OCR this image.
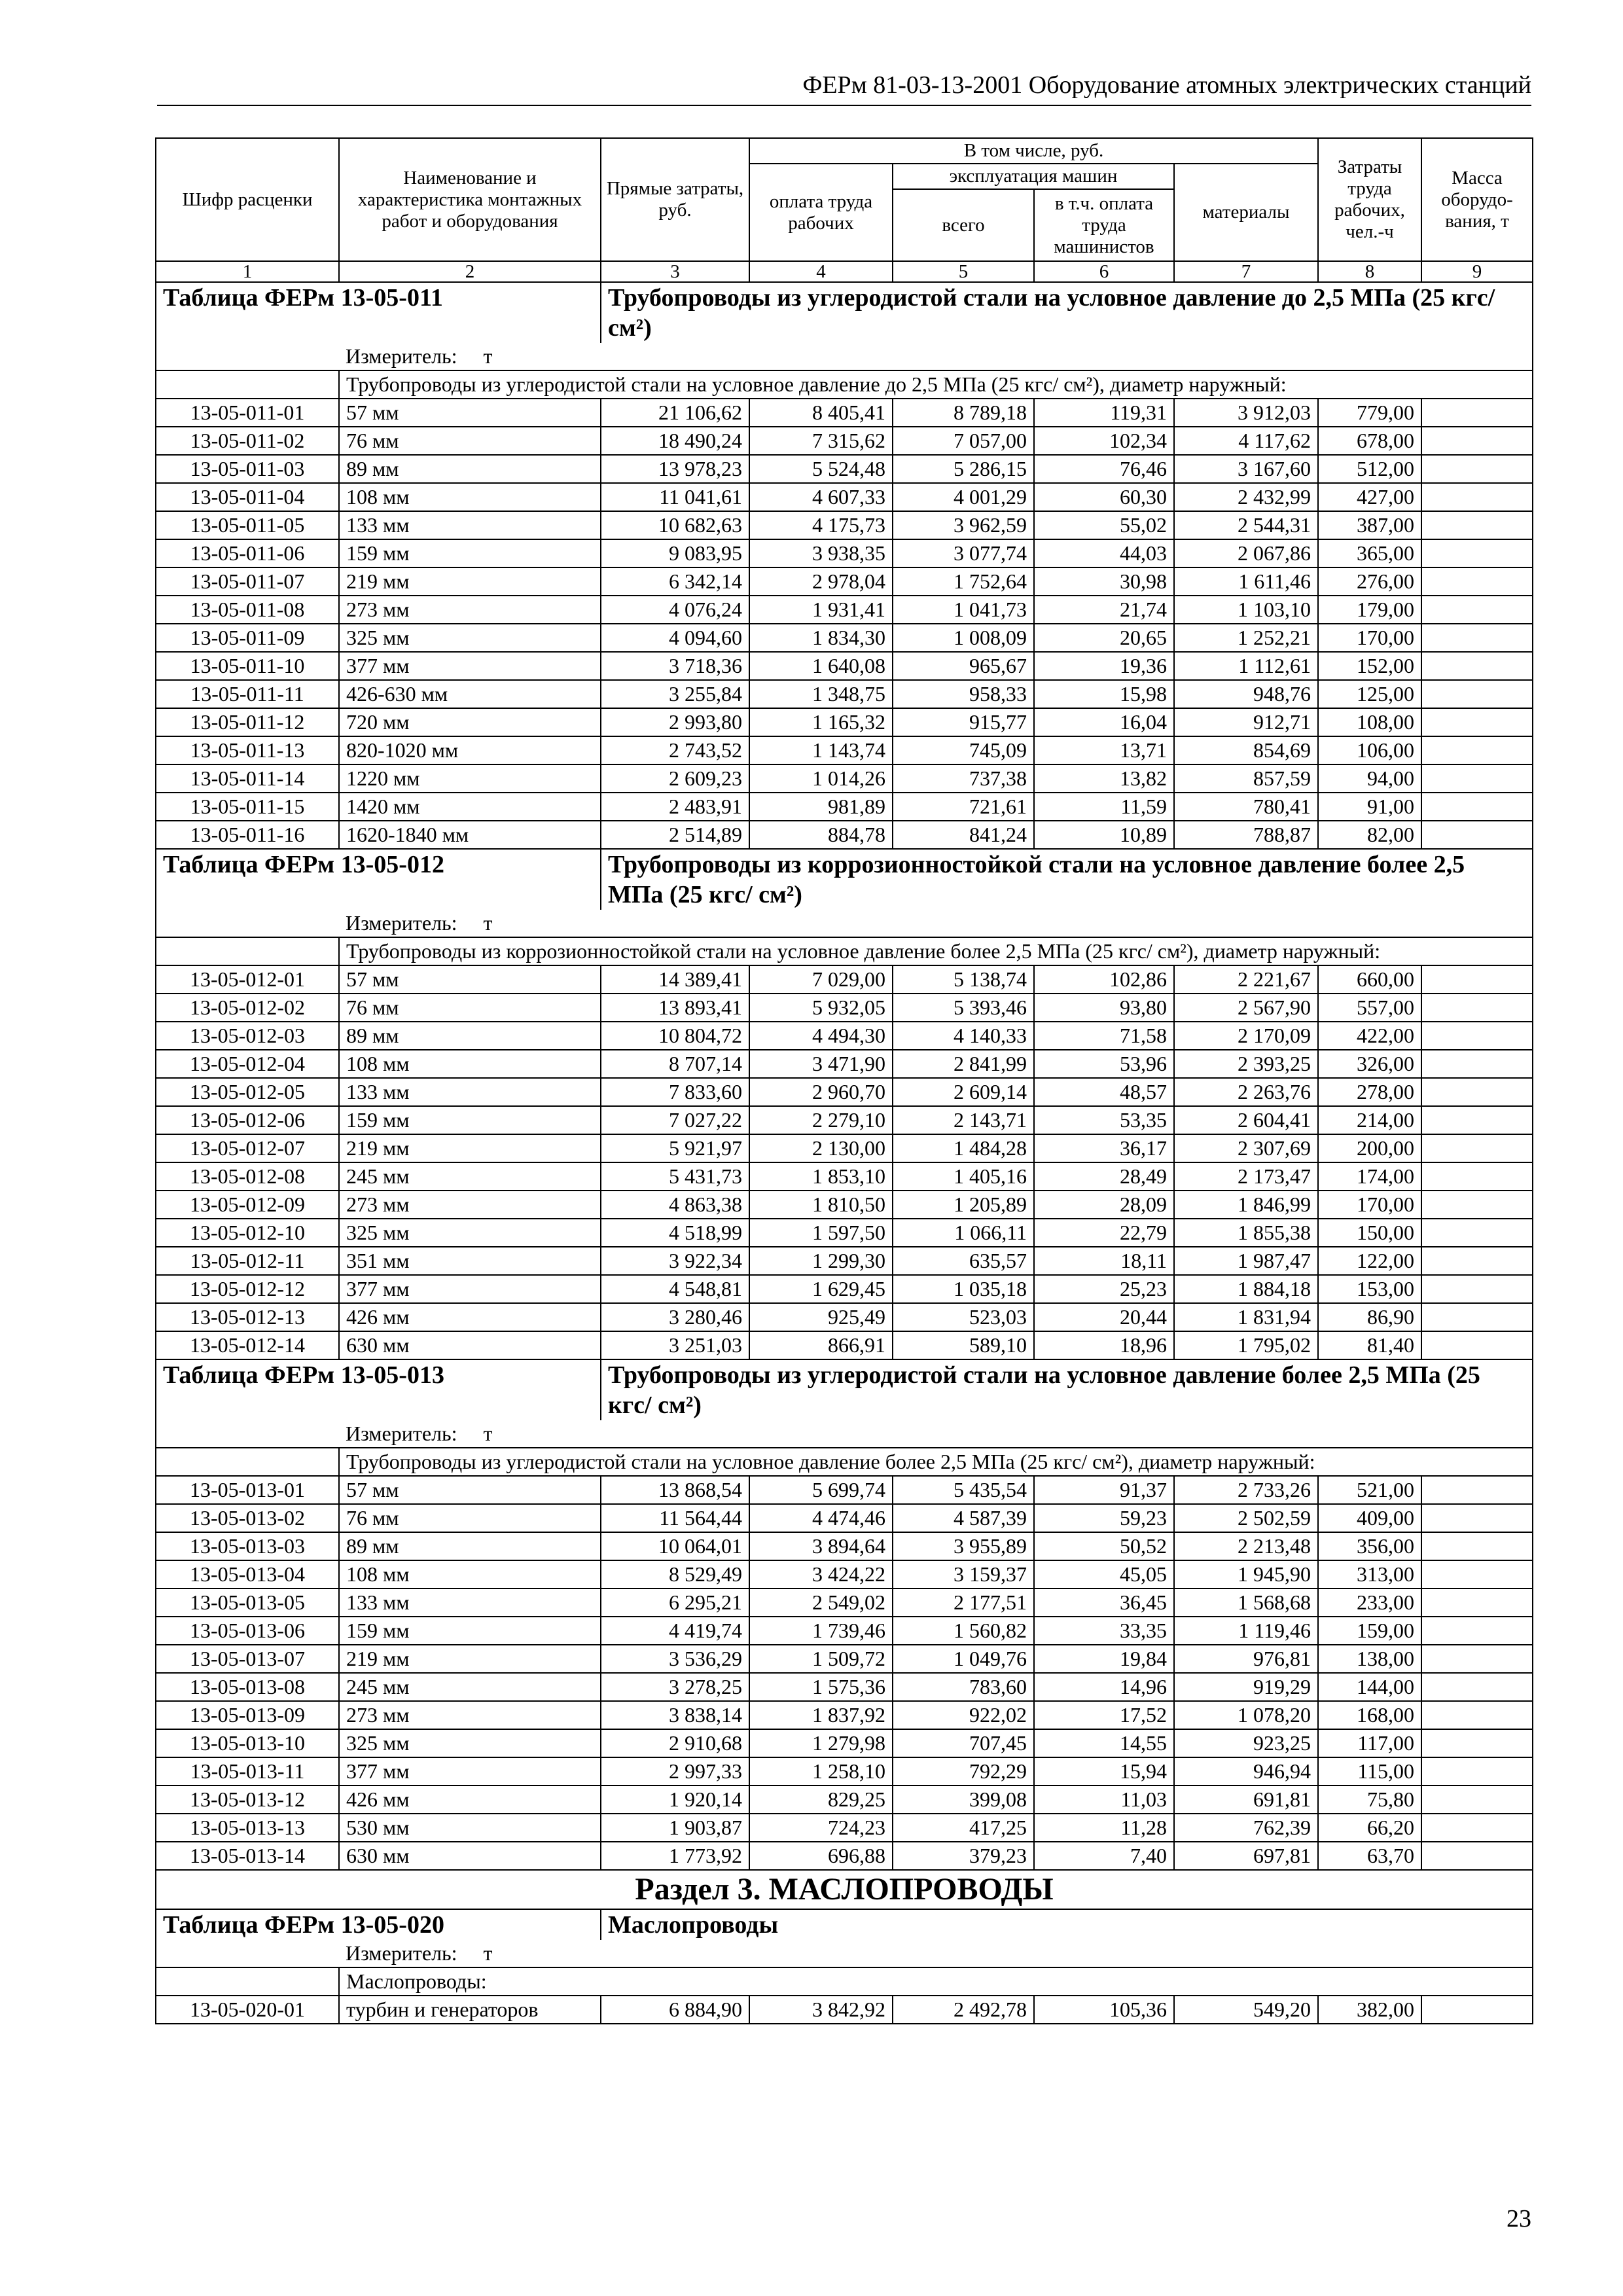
ФЕРм 81-03-13-2001 Оборудование атомных электрических станций
Шифр расценки	Наименование и характеристика монтажных работ и оборудования	Прямые затраты, руб.	В том числе, руб.				Затраты труда рабочих, чел.-ч	Масса оборудо-вания, т
			оплата труда рабочих	эксплуатация машин		материалы		
				всего	в т.ч. оплата труда машинистов			
1	2	3	4	5	6	7	8	9
Таблица ФЕРм 13-05-011		Трубопроводы из углеродистой стали на условное давление до 2,5 МПа (25 кгс/ см²)						
	Измеритель: т							
	Трубопроводы из углеродистой стали на условное давление до 2,5 МПа (25 кгс/ см²), диаметр наружный:							
13-05-011-01	57 мм	21 106,62	8 405,41	8 789,18	119,31	3 912,03	779,00	
13-05-011-02	76 мм	18 490,24	7 315,62	7 057,00	102,34	4 117,62	678,00	
13-05-011-03	89 мм	13 978,23	5 524,48	5 286,15	76,46	3 167,60	512,00	
13-05-011-04	108 мм	11 041,61	4 607,33	4 001,29	60,30	2 432,99	427,00	
13-05-011-05	133 мм	10 682,63	4 175,73	3 962,59	55,02	2 544,31	387,00	
13-05-011-06	159 мм	9 083,95	3 938,35	3 077,74	44,03	2 067,86	365,00	
13-05-011-07	219 мм	6 342,14	2 978,04	1 752,64	30,98	1 611,46	276,00	
13-05-011-08	273 мм	4 076,24	1 931,41	1 041,73	21,74	1 103,10	179,00	
13-05-011-09	325 мм	4 094,60	1 834,30	1 008,09	20,65	1 252,21	170,00	
13-05-011-10	377 мм	3 718,36	1 640,08	965,67	19,36	1 112,61	152,00	
13-05-011-11	426-630 мм	3 255,84	1 348,75	958,33	15,98	948,76	125,00	
13-05-011-12	720 мм	2 993,80	1 165,32	915,77	16,04	912,71	108,00	
13-05-011-13	820-1020 мм	2 743,52	1 143,74	745,09	13,71	854,69	106,00	
13-05-011-14	1220 мм	2 609,23	1 014,26	737,38	13,82	857,59	94,00	
13-05-011-15	1420 мм	2 483,91	981,89	721,61	11,59	780,41	91,00	
13-05-011-16	1620-1840 мм	2 514,89	884,78	841,24	10,89	788,87	82,00	
Таблица ФЕРм 13-05-012		Трубопроводы из коррозионностойкой стали на условное давление более 2,5 МПа (25 кгс/ см²)						
	Измеритель: т							
	Трубопроводы из коррозионностойкой стали на условное давление более 2,5 МПа (25 кгс/ см²), диаметр наружный:							
13-05-012-01	57 мм	14 389,41	7 029,00	5 138,74	102,86	2 221,67	660,00	
13-05-012-02	76 мм	13 893,41	5 932,05	5 393,46	93,80	2 567,90	557,00	
13-05-012-03	89 мм	10 804,72	4 494,30	4 140,33	71,58	2 170,09	422,00	
13-05-012-04	108 мм	8 707,14	3 471,90	2 841,99	53,96	2 393,25	326,00	
13-05-012-05	133 мм	7 833,60	2 960,70	2 609,14	48,57	2 263,76	278,00	
13-05-012-06	159 мм	7 027,22	2 279,10	2 143,71	53,35	2 604,41	214,00	
13-05-012-07	219 мм	5 921,97	2 130,00	1 484,28	36,17	2 307,69	200,00	
13-05-012-08	245 мм	5 431,73	1 853,10	1 405,16	28,49	2 173,47	174,00	
13-05-012-09	273 мм	4 863,38	1 810,50	1 205,89	28,09	1 846,99	170,00	
13-05-012-10	325 мм	4 518,99	1 597,50	1 066,11	22,79	1 855,38	150,00	
13-05-012-11	351 мм	3 922,34	1 299,30	635,57	18,11	1 987,47	122,00	
13-05-012-12	377 мм	4 548,81	1 629,45	1 035,18	25,23	1 884,18	153,00	
13-05-012-13	426 мм	3 280,46	925,49	523,03	20,44	1 831,94	86,90	
13-05-012-14	630 мм	3 251,03	866,91	589,10	18,96	1 795,02	81,40	
Таблица ФЕРм 13-05-013		Трубопроводы из углеродистой стали на условное давление более 2,5 МПа (25 кгс/ см²)						
	Измеритель: т							
	Трубопроводы из углеродистой стали на условное давление более 2,5 МПа (25 кгс/ см²), диаметр наружный:							
13-05-013-01	57 мм	13 868,54	5 699,74	5 435,54	91,37	2 733,26	521,00	
13-05-013-02	76 мм	11 564,44	4 474,46	4 587,39	59,23	2 502,59	409,00	
13-05-013-03	89 мм	10 064,01	3 894,64	3 955,89	50,52	2 213,48	356,00	
13-05-013-04	108 мм	8 529,49	3 424,22	3 159,37	45,05	1 945,90	313,00	
13-05-013-05	133 мм	6 295,21	2 549,02	2 177,51	36,45	1 568,68	233,00	
13-05-013-06	159 мм	4 419,74	1 739,46	1 560,82	33,35	1 119,46	159,00	
13-05-013-07	219 мм	3 536,29	1 509,72	1 049,76	19,84	976,81	138,00	
13-05-013-08	245 мм	3 278,25	1 575,36	783,60	14,96	919,29	144,00	
13-05-013-09	273 мм	3 838,14	1 837,92	922,02	17,52	1 078,20	168,00	
13-05-013-10	325 мм	2 910,68	1 279,98	707,45	14,55	923,25	117,00	
13-05-013-11	377 мм	2 997,33	1 258,10	792,29	15,94	946,94	115,00	
13-05-013-12	426 мм	1 920,14	829,25	399,08	11,03	691,81	75,80	
13-05-013-13	530 мм	1 903,87	724,23	417,25	11,28	762,39	66,20	
13-05-013-14	630 мм	1 773,92	696,88	379,23	7,40	697,81	63,70	
Раздел 3. МАСЛОПРОВОДЫ								
Таблица ФЕРм 13-05-020		Маслопроводы						
	Измеритель: т							
	Маслопроводы:							
13-05-020-01	турбин и генераторов	6 884,90	3 842,92	2 492,78	105,36	549,20	382,00	
23
